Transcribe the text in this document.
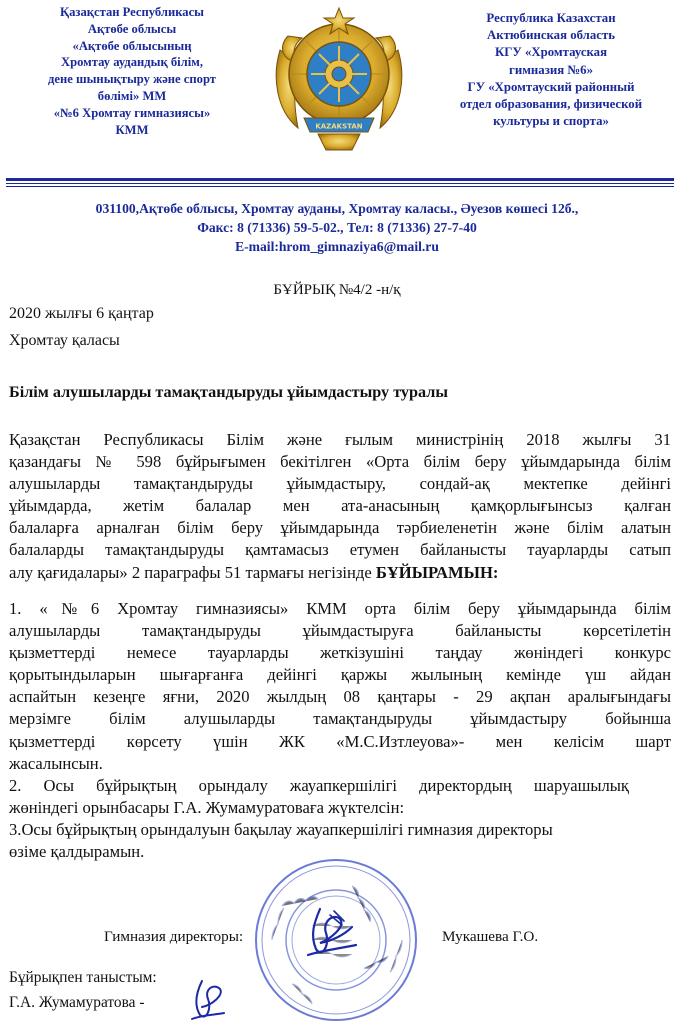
Қазақстан Республикасы
Ақтөбе облысы
«Ақтөбе облысының
Хромтау аудандық білім,
дене шынықтыру және спорт
бөлімі» ММ
«№6 Хромтау гимназиясы»
КММ	KAZAKSTAN
Республика Казахстан
Актюбинская область
КГУ «Хромтауская
гимназия №6»
ГУ «Хромтауский районный
отдел образования, физической
культуры и спорта»
031100,Ақтөбе облысы, Хромтау ауданы, Хромтау каласы., Әуезов көшесі 12б.,
Факс: 8 (71336) 59-5-02., Тел: 8 (71336) 27-7-40
E-mail:hrom_gimnaziya6@mail.ru
БҰЙРЫҚ №4/2 -н/қ
2020 жылғы 6 қаңтар
Хромтау қаласы
Білім алушыларды тамақтандыруды ұйымдастыру туралы
Қазақстан Республикасы Білім және ғылым министрінің 2018 жылғы 31
қазандағы № 598 бұйрығымен бекітілген «Орта білім беру ұйымдарында білім
алушыларды тамақтандыруды ұйымдастыру, сондай-ақ мектепке дейінгі
ұйымдарда, жетім балалар мен ата-анасының қамқорлығынсыз қалған
балаларға арналған білім беру ұйымдарында тәрбиеленетін және білім алатын
балаларды тамақтандыруды қамтамасыз етумен байланысты тауарларды сатып
алу қағидалары» 2 параграфы 51 тармағы негізінде БҰЙЫРАМЫН:
1. «№6 Хромтау гимназиясы» КММ орта білім беру ұйымдарында білім
алушыларды тамақтандыруды ұйымдастыруға байланысты көрсетілетін
қызметтерді немесе тауарларды жеткізушіні таңдау жөніндегі конкурс
қорытындыларын шығарғанға дейінгі қаржы жылының кемінде үш айдан
аспайтын кезеңге яғни, 2020 жылдың 08 қаңтары - 29 ақпан аралығындағы
мерзімге білім алушыларды тамақтандыруды ұйымдастыру бойынша
қызметтерді көрсету үшін ЖК «М.С.Изтлеуова»- мен келісім шарт
жасалынсын.
2. Осы бұйрықтың орындалу жауапкершілігі директордың шаруашылық
жөніндегі орынбасары Г.А. Жумамуратоваға жүктелсін:
3.Осы бұйрықтың орындалуын бақылау жауапкершілігі гимназия директоры
өзіме қалдырамын.
Гимназия директоры:	Мукашева Г.О.
Бұйрықпен таныстым:
Г.А. Жумамуратова -
